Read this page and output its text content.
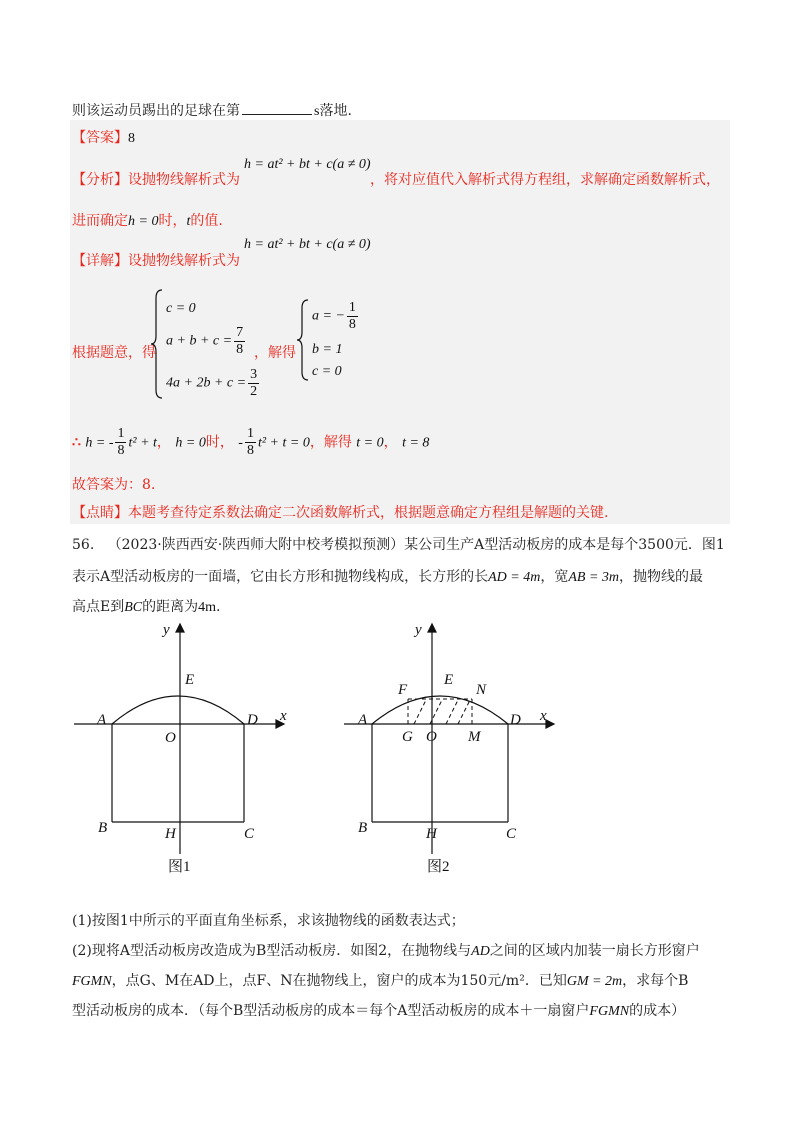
则该运动员踢出的足球在第	s落地.
【答案】8
【分析】设抛物线解析式为
h = at² + bt + c(a ≠ 0)
，将对应值代入解析式得方程组，求解确定函数解析式，
进而确定h = 0时，t的值.
【详解】设抛物线解析式为
h = at² + bt + c(a ≠ 0)
根据题意，得
c = 0
$a + b + c = \frac{7}{8}$
$4a + 2b + c = \frac{3}{2}$
，解得
a = − $\frac{1}{8}$
b = 1
c = 0
∴ h = - $\frac{1}{8} t^2 + t$， h = 0时， - $\frac{1}{8} t^2 + t = 0$，解得 t = 0， t = 8
故答案为：8.
【点睛】本题考查待定系数法确定二次函数解析式，根据题意确定方程组是解题的关键.
56. （2023·陕西西安·陕西师大附中校考模拟预测）某公司生产A型活动板房的成本是每个3500元．图1
表示A型活动板房的一面墙，它由长方形和抛物线构成，长方形的长AD = 4m，宽AB = 3m，抛物线的最
高点E到BC的距离为4m.
y
x
E
A	D
O
B	H	C
图1
y
x
E
F	N
A	D
G O M
B	H	C
图2
(1)按图1中所示的平面直角坐标系，求该抛物线的函数表达式；
(2)现将A型活动板房改造成为B型活动板房．如图2，在抛物线与AD之间的区域内加装一扇长方形窗户
FGMN，点G、M在AD上，点F、N在抛物线上，窗户的成本为150元/m²．已知GM = 2m，求每个B
型活动板房的成本．（每个B型活动板房的成本＝每个A型活动板房的成本＋一扇窗户FGMN的成本）
